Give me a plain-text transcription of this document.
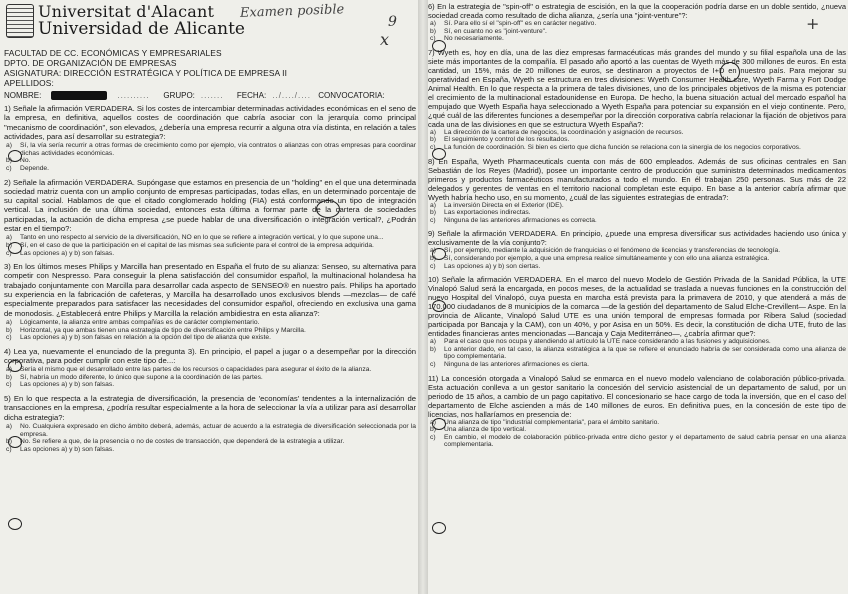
Universitat d'Alacant
Universidad de Alicante
Examen posible
9
FACULTAD DE CC. ECONÓMICAS Y EMPRESARIALES
DPTO. DE ORGANIZACIÓN DE EMPRESAS
ASIGNATURA: DIRECCIÓN ESTRATÉGICA Y POLÍTICA DE EMPRESA II
APELLIDOS:
NOMBRE:	..........	GRUPO: .......	FECHA: ../..../.... CONVOCATORIA:
1) Señale la afirmación VERDADERA. Si los costes de intercambiar determinadas actividades económicas en el seno de la empresa, en definitiva, aquellos costes de coordinación que cabría asociar con la jerarquía como principal "mecanismo de coordinación", son elevados, ¿debería una empresa recurrir a alguna otra vía distinta, en relación a tales actividades, para así desarrollar su estrategia?:
a)	Sí, la vía sería recurrir a otras formas de crecimiento como por ejemplo, vía contratos o alianzas con otras empresas para coordinar dichas actividades económicas.
b)	No.
c)	Depende.
2) Señale la afirmación VERDADERA. Supóngase que estamos en presencia de un "holding" en el que una determinada sociedad matriz cuenta con un amplio conjunto de empresas participadas, todas ellas, en un determinado porcentaje de su capital social. Hablamos de que el citado conglomerado holding (FIA) está conformando un tipo de integración vertical. La inclusión de una última sociedad, entonces esta última a formar parte de la cartera de sociedades participadas, la actuación de dicha empresa ¿se puede hablar de una diversificación o integración vertical?, ¿Podrán estar en el tiempo?:
a)	Tanto en uno respecto al servicio de la diversificación, NO en lo que se refiere a integración vertical, y lo que supone una...
b)	Sí, en el caso de que la participación en el capital de las mismas sea suficiente para el control de la empresa adquirida.
c)	Las opciones a) y b) son falsas.
3) En los últimos meses Philips y Marcilla han presentado en España el fruto de su alianza: Senseo, su alternativa para competir con Nespresso. Para conseguir la plena satisfacción del consumidor español, la multinacional holandesa ha trabajado conjuntamente con Marcilla para desarrollar cada aspecto de SENSEO® en nuestro país. Philips ha aportado su experiencia en la fabricación de cafeteras, y Marcilla ha desarrollado unos exclusivos blends —mezclas— de café especialmente preparados para satisfacer las necesidades del consumidor español, ofreciendo en exclusiva una gama de monodosis. ¿Establecerá entre Philips y Marcilla la relación ambidiestra en esta alianza?:
a)	Lógicamente, la alianza entre ambas compañías es de carácter complementario.
b)	Horizontal, ya que ambas tienen una estrategia de tipo de diversificación entre Philips y Marcilla.
c)	Las opciones a) y b) son falsas en relación a la opción del tipo de alianza que existe.
4) Lea ya, nuevamente el enunciado de la pregunta 3). En principio, el papel a jugar o a desempeñar por la dirección corporativa, para poder cumplir con este tipo de...:
a)	Sería el mismo que el desarrollado entre las partes de los recursos o capacidades para asegurar el éxito de la alianza.
b)	Sí, habría un modo diferente, lo único que supone a la coordinación de las partes.
c)	Las opciones a) y b) son falsas.
5) En lo que respecta a la estrategia de diversificación, la presencia de 'economías' tendentes a la internalización de transacciones en la empresa, ¿podría resultar especialmente a la hora de seleccionar la vía a utilizar para así desarrollar dicha estrategia?:
a)	No. Cualquiera expresado en dicho ámbito deberá, además, actuar de acuerdo a la estrategia de diversificación seleccionada por la empresa.
b)	No. Se refiere a que, de la presencia o no de costes de transacción, que dependerá de la estrategia a utilizar.
c)	Las opciones a) y b) son falsas.
6) En la estrategia de "spin-off" o estrategia de escisión, en la que la cooperación podría darse en un doble sentido, ¿nueva sociedad creada como resultado de dicha alianza, ¿sería una "joint-venture"?:
a)	Sí. Para ello sí el "spin-off" es en carácter negativo.
b)	Sí, en cuanto no es "joint-venture".
c)	No necesariamente.
7) Wyeth es, hoy en día, una de las diez empresas farmacéuticas más grandes del mundo y su filial española una de las siete más importantes de la compañía. El pasado año aportó a las cuentas de Wyeth más de 300 millones de euros. En esta cantidad, un 15%, más de 20 millones de euros, se destinaron a proyectos de I+D en nuestro país. Para mejorar su operatividad en España, Wyeth se estructura en tres divisiones: Wyeth Consumer Health care, Wyeth Farma y Fort Dodge Animal Health. En lo que respecta a la primera de tales divisiones, uno de los principales objetivos de la misma es potenciar el crecimiento de la multinacional estadounidense en Europa. De hecho, la buena situación actual del mercado español ha empujado que Wyeth España haya seleccionado a Wyeth España para potenciar su expansión en el viejo continente. Pero, ¿qué cuál de las diferentes funciones a desempeñar por la dirección corporativa cabría relacionar la fijación de objetivos para cada una de las divisiones en que se estructura Wyeth España?:
a)	La dirección de la cartera de negocios, la coordinación y asignación de recursos.
b)	El seguimiento y control de los resultados.
c)	La función de coordinación. Si bien es cierto que dicha función se relaciona con la sinergia de los negocios corporativos.
8) En España, Wyeth Pharmaceuticals cuenta con más de 600 empleados. Además de sus oficinas centrales en San Sebastián de los Reyes (Madrid), posee un importante centro de producción que suministra determinados medicamentos primeros y productos farmacéuticos manufacturados a todo el mundo. En él trabajan 250 personas. Sus más de 22 delegados y gerentes de ventas en el territorio nacional completan este equipo. En base a la anterior cabría afirmar que Wyeth habría hecho uso, en su momento, ¿cuál de las siguientes estrategias de entrada?:
a)	La inversión Directa en el Exterior (IDE).
b)	Las exportaciones indirectas.
c)	Ninguna de las anteriores afirmaciones es correcta.
9) Señale la afirmación VERDADERA. En principio, ¿puede una empresa diversificar sus actividades haciendo uso única y exclusivamente de la vía conjunto?:
a)	Sí, por ejemplo, mediante la adquisición de franquicias o el fenómeno de licencias y transferencias de tecnología.
b)	Sí, considerando por ejemplo, a que una empresa realice simultáneamente y con ello una alianza estratégica.
c)	Las opciones a) y b) son ciertas.
10) Señale la afirmación VERDADERA. En el marco del nuevo Modelo de Gestión Privada de la Sanidad Pública, la UTE Vinalopó Salud será la encargada, en pocos meses, de la actualidad se traslada a nuevas funciones en la construcción del nuevo Hospital del Vinalopó, cuya puesta en marcha está prevista para la primavera de 2010, y que atenderá a más de 170.000 ciudadanos de 8 municipios de la comarca —de la gestión del departamento de Salud Elche-Crevillent— Aspe. En la provincia de Alicante, Vinalopó Salud UTE es una unión temporal de empresas formada por Ribera Salud (sociedad participada por Bancaja y la CAM), con un 40%, y por Asisa en un 50%. Es decir, la constitución de dicha UTE, fruto de las entidades financieras antes mencionadas —Bancaja y Caja Mediterráneo—, ¿cabría afirmar que?:
a)	Para el caso que nos ocupa y atendiendo al artículo la UTE nace considerando a las fusiones y adquisiciones.
b)	Lo anterior dado, en tal caso, la alianza estratégica a la que se refiere el enunciado habría de ser considerada como una alianza de tipo complementaria.
c)	Ninguna de las anteriores afirmaciones es cierta.
11) La concesión otorgada a Vinalopó Salud se enmarca en el nuevo modelo valenciano de colaboración público-privada. Esta actuación conlleva a un gestor sanitario la concesión del servicio asistencial de un departamento de salud, por un periodo de 15 años, a cambio de un pago capitativo. El concesionario se hace cargo de toda la inversión, que en el caso del departamento de Elche ascienden a más de 140 millones de euros. En definitiva pues, en la concesión de este tipo de licencias, nos hallaríamos en presencia de:
a)	Una alianza de tipo "industrial complementaria", para el ámbito sanitario.
b)	Una alianza de tipo vertical.
c)	En cambio, el modelo de colaboración público-privada entre dicho gestor y el departamento de salud cabría pensar en una alianza complementaria.
x
+
